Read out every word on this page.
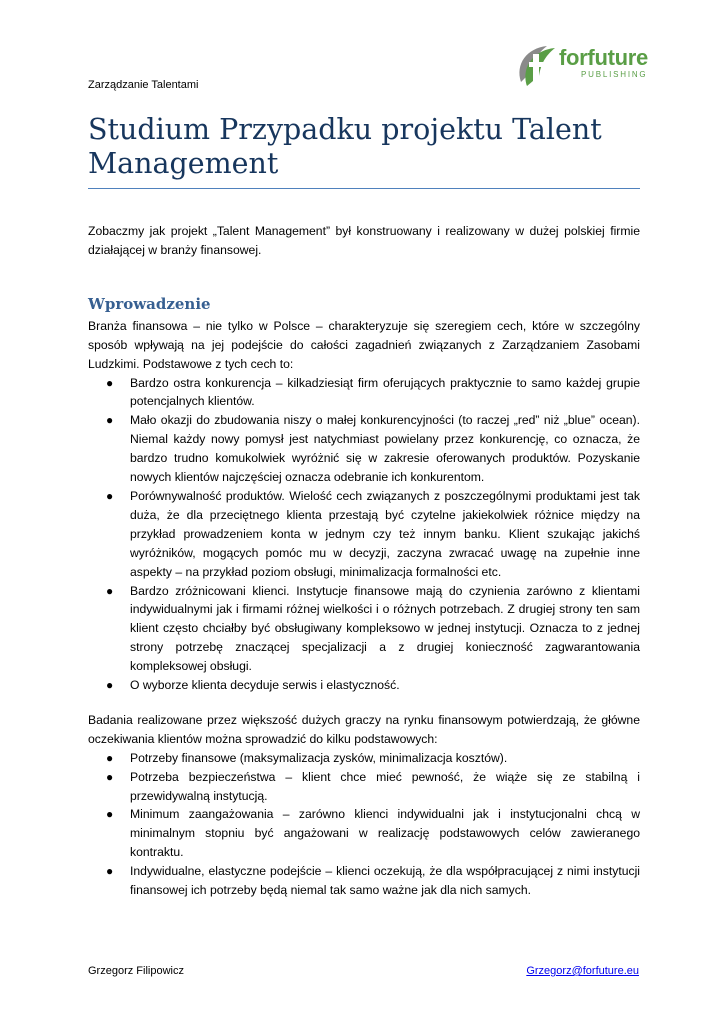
Zarządzanie Talentami
forfuture
PUBLISHING
Studium Przypadku projektu Talent Management

Zobaczmy jak projekt „Talent Management” był konstruowany i realizowany w dużej polskiej firmie działającej w branży finansowej.

Wprowadzenie

Branża finansowa – nie tylko w Polsce – charakteryzuje się szeregiem cech, które w szczególny sposób wpływają na jej podejście do całości zagadnień związanych z Zarządzaniem Zasobami Ludzkimi. Podstawowe z tych cech to:

● Bardzo ostra konkurencja – kilkadziesiąt firm oferujących praktycznie to samo każdej grupie potencjalnych klientów.
● Mało okazji do zbudowania niszy o małej konkurencyjności (to raczej „red” niż „blue” ocean). Niemal każdy nowy pomysł jest natychmiast powielany przez konkurencję, co oznacza, że bardzo trudno komukolwiek wyróżnić się w zakresie oferowanych produktów. Pozyskanie nowych klientów najczęściej oznacza odebranie ich konkurentom.
● Porównywalność produktów. Wielość cech związanych z poszczególnymi produktami jest tak duża, że dla przeciętnego klienta przestają być czytelne jakiekolwiek różnice między na przykład prowadzeniem konta w jednym czy też innym banku. Klient szukając jakichś wyróżników, mogących pomóc mu w decyzji, zaczyna zwracać uwagę na zupełnie inne aspekty – na przykład poziom obsługi, minimalizacja formalności etc.
● Bardzo zróżnicowani klienci. Instytucje finansowe mają do czynienia zarówno z klientami indywidualnymi jak i firmami różnej wielkości i o różnych potrzebach. Z drugiej strony ten sam klient często chciałby być obsługiwany kompleksowo w jednej instytucji. Oznacza to z jednej strony potrzebę znaczącej specjalizacji a z drugiej konieczność zagwarantowania kompleksowej obsługi.
● O wyborze klienta decyduje serwis i elastyczność.

Badania realizowane przez większość dużych graczy na rynku finansowym potwierdzają, że główne oczekiwania klientów można sprowadzić do kilku podstawowych:

● Potrzeby finansowe (maksymalizacja zysków, minimalizacja kosztów).
● Potrzeba bezpieczeństwa – klient chce mieć pewność, że wiąże się ze stabilną i przewidywalną instytucją.
● Minimum zaangażowania – zarówno klienci indywidualni jak i instytucjonalni chcą w minimalnym stopniu być angażowani w realizację podstawowych celów zawieranego kontraktu.
● Indywidualne, elastyczne podejście – klienci oczekują, że dla współpracującej z nimi instytucji finansowej ich potrzeby będą niemal tak samo ważne jak dla nich samych.
Grzegorz Filipowicz	Grzegorz@forfuture.eu
